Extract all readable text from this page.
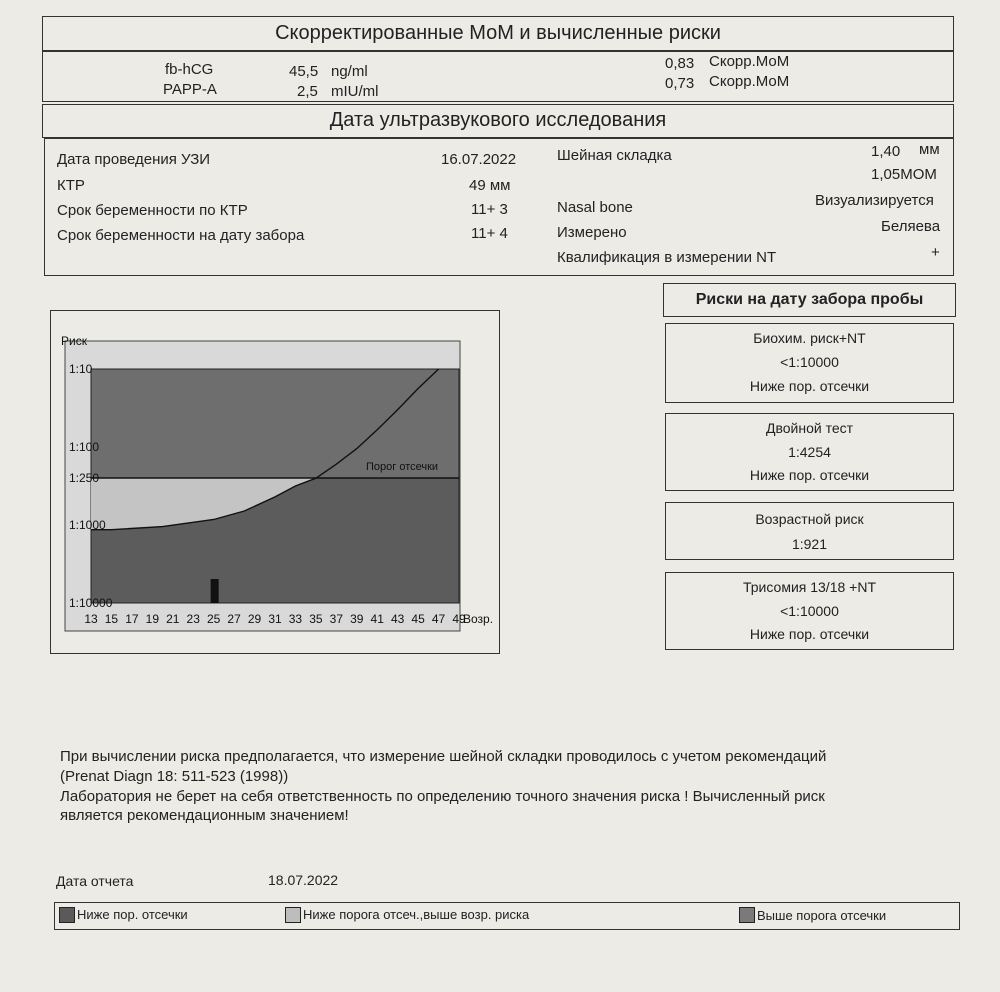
Скорректированные МоМ и вычисленные риски
fb-hCG	45,5 ng/ml	0,83 Скорр.МоМ
PAPP-A	2,5 mIU/ml	0,73 Скорр.МоМ
Дата ультразвукового исследования
Дата проведения УЗИ	16.07.2022
КТР	49 мм
Срок беременности по КТР	11+ 3
Срок беременности на дату забора	11+ 4
Шейная складка	1,40 мм
1,05МОМ
Nasal bone	Визуализируется
Измерено	Беляева
Квалификация в измерении NT	+
Порог отсечки
Риск
1:10
1:100
1:250
1:1000
1:10000
13 15 17 19 21 23 25 27 29 31 33 35 37 39 41 43 45 47 49
Возр.
Риски на дату забора пробы
Биохим. риск+NT
<1:10000
Ниже пор. отсечки
Двойной тест
1:4254
Ниже пор. отсечки
Возрастной риск
1:921
Трисомия 13/18 +NT
<1:10000
Ниже пор. отсечки
При вычислении риска предполагается, что измерение шейной складки проводилось с учетом рекомендаций
(Prenat Diagn 18: 511-523 (1998))
Лаборатория не берет на себя ответственность по определению точного значения риска ! Вычисленный риск
является рекомендационным значением!
Дата отчета	18.07.2022
Ниже пор. отсечки	Ниже порога отсеч.,выше возр. риска	Выше порога отсечки
